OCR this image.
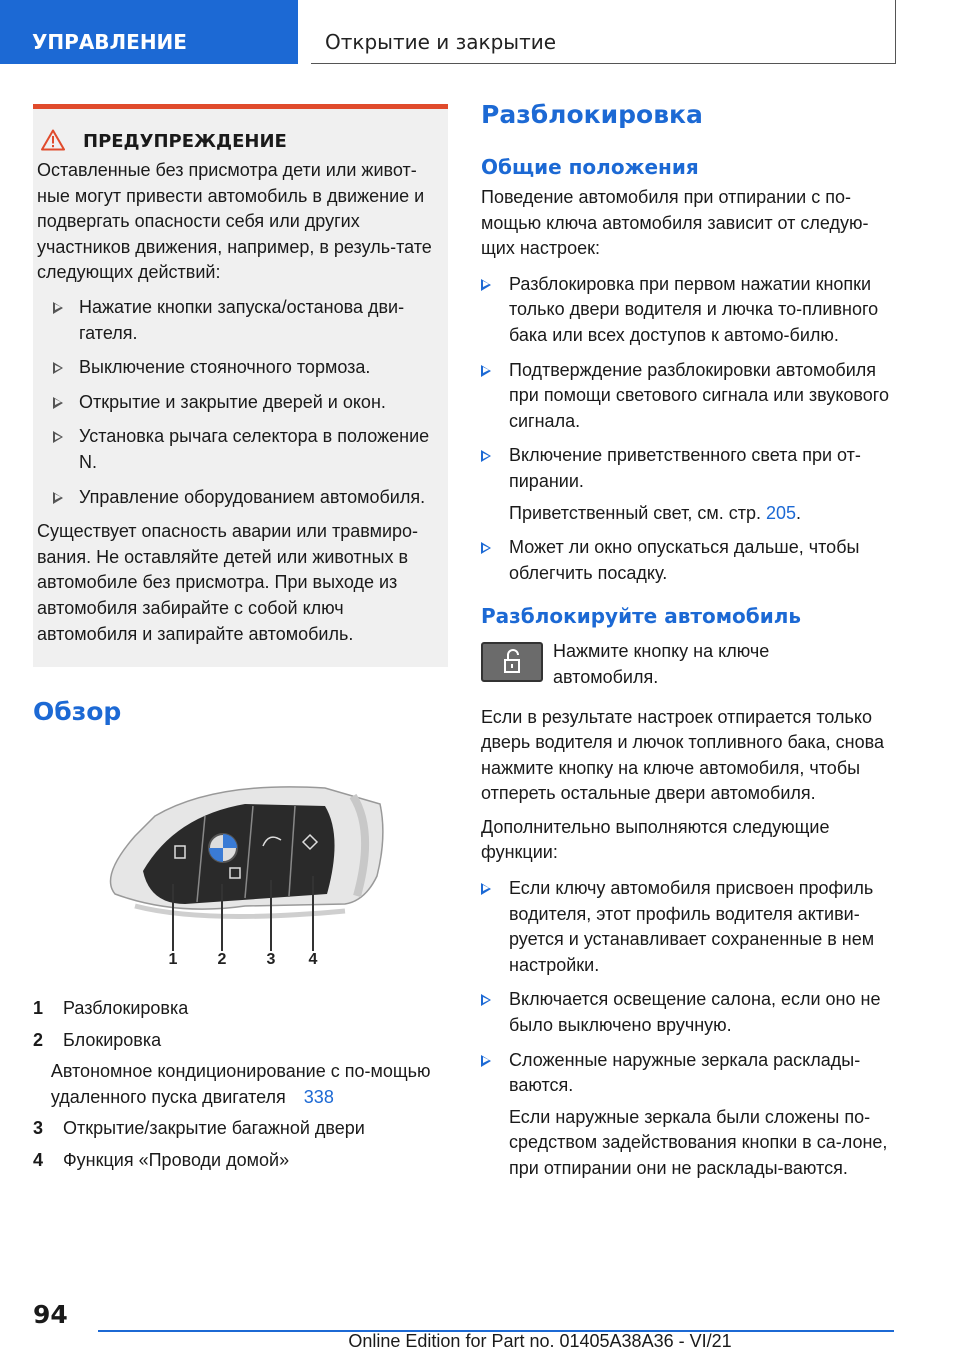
УПРАВЛЕНИЕ	Открытие и закрытие
ПРЕДУПРЕЖДЕНИЕ

Оставленные без присмотра дети или живот-ные могут привести автомобиль в движение и подвергать опасности себя или других участников движения, например, в резуль-тате следующих действий:

Нажатие кнопки запуска/останова дви-гателя.
Выключение стояночного тормоза.
Открытие и закрытие дверей и окон.
Установка рычага селектора в положение N.
Управление оборудованием автомобиля.

Существует опасность аварии или травмиро-вания. Не оставляйте детей или животных в автомобиле без присмотра. При выходе из автомобиля забирайте с собой ключ автомобиля и запирайте автомобиль.

Обзор
1	2	3 4
1	Разблокировка
2	Блокировка
Автономное кондиционирование с по-мощью удаленного пуска двигателя 338
3	Открытие/закрытие багажной двери
4	Функция «Проводи домой»
Разблокировка
Общие положения

Поведение автомобиля при отпирании с по-мощью ключа автомобиля зависит от следую-щих настроек:

Разблокировка при первом нажатии кнопки только двери водителя и лючка то-пливного бака или всех доступов к автомо-билю.
Подтверждение разблокировки автомобиля при помощи светового сигнала или звукового сигнала.
Включение приветственного света при от-пирании.
Приветственный свет, см. стр. 205.
Может ли окно опускаться дальше, чтобы облегчить посадку.
Разблокируйте автомобиль

Нажмите кнопку на ключе автомобиля.

Если в результате настроек отпирается только дверь водителя и лючок топливного бака, снова нажмите кнопку на ключе автомобиля, чтобы отпереть остальные двери автомобиля.

Дополнительно выполняются следующие функции:

Если ключу автомобиля присвоен профиль водителя, этот профиль водителя активи-руется и устанавливает сохраненные в нем настройки.
Включается освещение салона, если оно не было выключено вручную.
Сложенные наружные зеркала расклады-ваются.
Если наружные зеркала были сложены по-средством задействования кнопки в са-лоне, при отпирании они не расклады-ваются.
94
Online Edition for Part no. 01405A38A36 - VI/21
